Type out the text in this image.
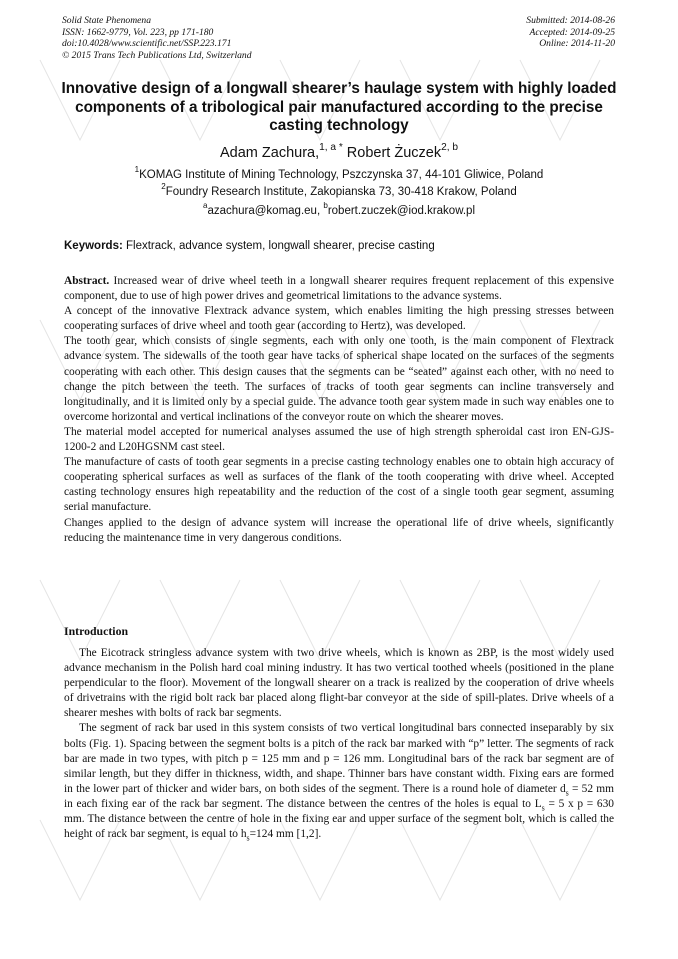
Solid State Phenomena
ISSN: 1662-9779, Vol. 223, pp 171-180
doi:10.4028/www.scientific.net/SSP.223.171
© 2015 Trans Tech Publications Ltd, Switzerland
Submitted: 2014-08-26
Accepted: 2014-09-25
Online: 2014-11-20
Innovative design of a longwall shearer’s haulage system with highly loaded components of a tribological pair manufactured according to the precise casting technology
Adam Zachura,$^{1, a *}$ Robert Żuczek$^{2, b}$
$^1$KOMAG Institute of Mining Technology, Pszczynska 37, 44-101 Gliwice, Poland
$^2$Foundry Research Institute, Zakopianska 73, 30-418 Krakow, Poland
$^a$azachura@komag.eu, $^b$robert.zuczek@iod.krakow.pl
Keywords: Flextrack, advance system, longwall shearer, precise casting

Abstract. Increased wear of drive wheel teeth in a longwall shearer requires frequent replacement of this expensive component, due to use of high power drives and geometrical limitations to the advance systems.

A concept of the innovative Flextrack advance system, which enables limiting the high pressing stresses between cooperating surfaces of drive wheel and tooth gear (according to Hertz), was developed.

The tooth gear, which consists of single segments, each with only one tooth, is the main component of Flextrack advance system. The sidewalls of the tooth gear have tacks of spherical shape located on the surfaces of the segments cooperating with each other. This design causes that the segments can be “seated” against each other, with no need to change the pitch between the teeth. The surfaces of tracks of tooth gear segments can incline transversely and longitudinally, and it is limited only by a special guide. The advance tooth gear system made in such way enables one to overcome horizontal and vertical inclinations of the conveyor route on which the shearer moves.

The material model accepted for numerical analyses assumed the use of high strength spheroidal cast iron EN-GJS-1200-2 and L20HGSNM cast steel.

The manufacture of casts of tooth gear segments in a precise casting technology enables one to obtain high accuracy of cooperating spherical surfaces as well as surfaces of the flank of the tooth cooperating with drive wheel. Accepted casting technology ensures high repeatability and the reduction of the cost of a single tooth gear segment, assuming serial manufacture.

Changes applied to the design of advance system will increase the operational life of drive wheels, significantly reducing the maintenance time in very dangerous conditions.

Introduction

The Eicotrack stringless advance system with two drive wheels, which is known as 2BP, is the most widely used advance mechanism in the Polish hard coal mining industry. It has two vertical toothed wheels (positioned in the plane perpendicular to the floor). Movement of the longwall shearer on a track is realized by the cooperation of drive wheels of drivetrains with the rigid bolt rack bar placed along flight-bar conveyor at the side of spill-plates. Drive wheels of a shearer meshes with bolts of rack bar segments.

The segment of rack bar used in this system consists of two vertical longitudinal bars connected inseparably by six bolts (Fig. 1). Spacing between the segment bolts is a pitch of the rack bar marked with “p” letter. The segments of rack bar are made in two types, with pitch p = 125 mm and p = 126 mm. Longitudinal bars of the rack bar segment are of similar length, but they differ in thickness, width, and shape. Thinner bars have constant width. Fixing ears are formed in the lower part of thicker and wider bars, on both sides of the segment. There is a round hole of diameter $d_s = 52$ mm in each fixing ear of the rack bar segment. The distance between the centres of the holes is equal to $L_s = 5$ x p = 630 mm. The distance between the centre of hole in the fixing ear and upper surface of the segment bolt, which is called the height of rack bar segment, is equal to $h_s=124$ mm [1,2].
